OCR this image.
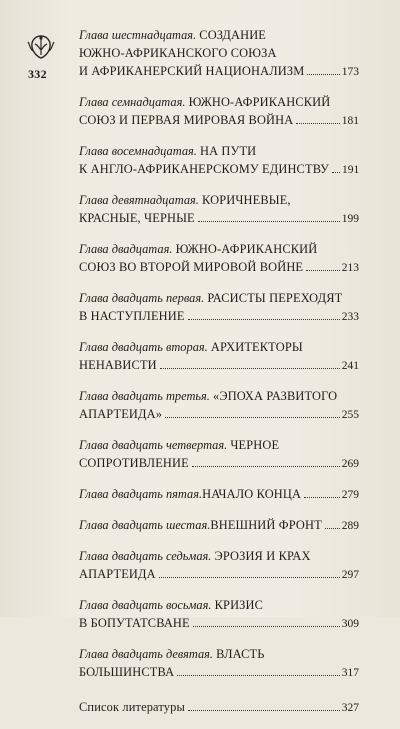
332
Глава шестнадцатая. СОЗДАНИЕ
ЮЖНО-АФРИКАНСКОГО СОЮЗА
И АФРИКАНЕРСКИЙ НАЦИОНАЛИЗМ	173
Глава семнадцатая. ЮЖНО-АФРИКАНСКИЙ
СОЮЗ И ПЕРВАЯ МИРОВАЯ ВОЙНА	181
Глава восемнадцатая. НА ПУТИ
К АНГЛО-АФРИКАНЕРСКОМУ ЕДИНСТВУ 191
Глава девятнадцатая. КОРИЧНЕВЫЕ,
КРАСНЫЕ, ЧЕРНЫЕ	199
Глава двадцатая. ЮЖНО-АФРИКАНСКИЙ
СОЮЗ ВО ВТОРОЙ МИРОВОЙ ВОЙНЕ	213
Глава двадцать первая. РАСИСТЫ ПЕРЕХОДЯТ
В НАСТУПЛЕНИЕ	233
Глава двадцать вторая. АРХИТЕКТОРЫ
НЕНАВИСТИ	241
Глава двадцать третья. «ЭПОХА РАЗВИТОГО
АПАРТЕИДА»	255
Глава двадцать четвертая. ЧЕРНОЕ
СОПРОТИВЛЕНИЕ	269
Глава двадцать пятая. НАЧАЛО КОНЦА	279
Глава двадцать шестая. ВНЕШНИЙ ФРОНТ 289
Глава двадцать седьмая. ЭРОЗИЯ И КРАХ
АПАРТЕИДА	297
Глава двадцать восьмая. КРИЗИС
В БОПУТАТСВАНЕ	309
Глава двадцать девятая. ВЛАСТЬ
БОЛЬШИНСТВА	317
Список литературы	327
